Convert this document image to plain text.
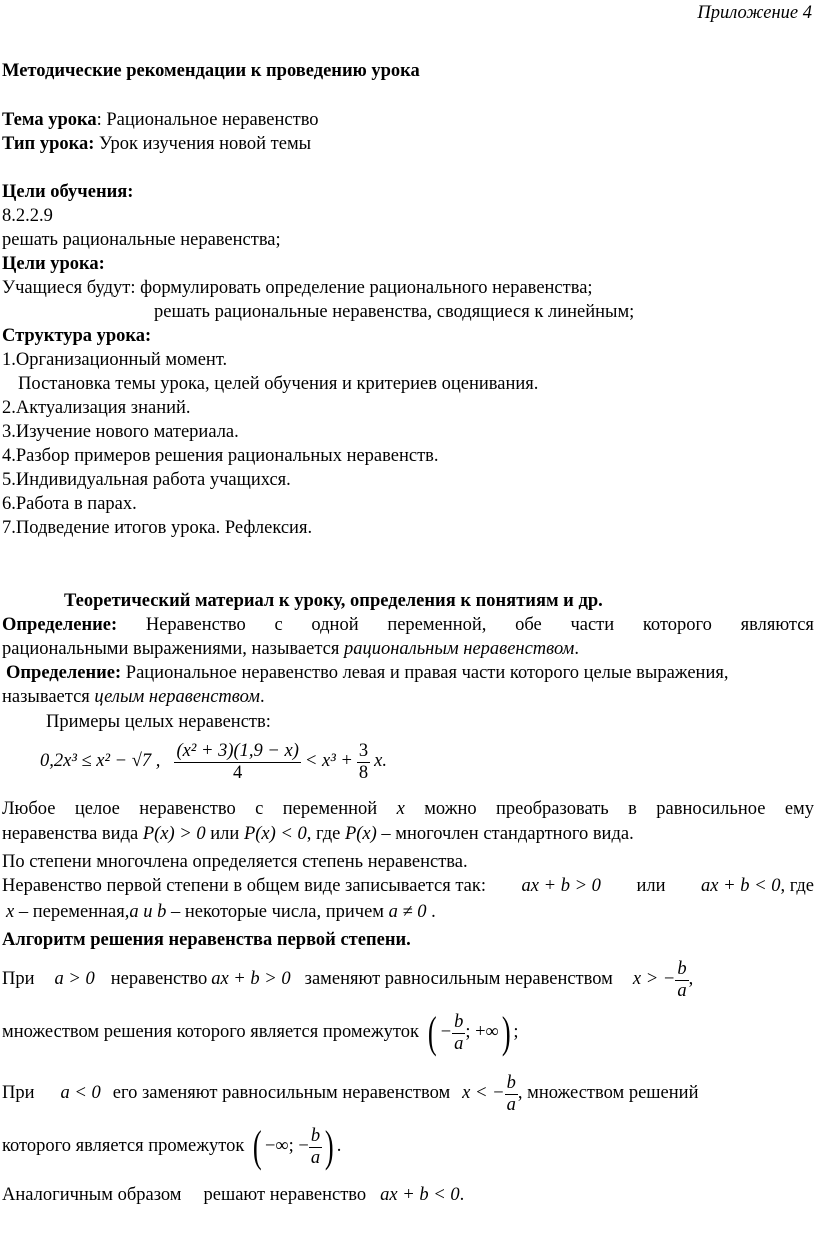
Приложение 4
Методические рекомендации к проведению урока
Тема урока: Рациональное неравенство
Тип урока: Урок изучения новой темы
Цели обучения:
8.2.2.9
решать рациональные неравенства;
Цели урока:
Учащиеся будут: формулировать определение рационального неравенства;
решать рациональные неравенства, сводящиеся к линейным;
Структура урока:
1.Организационный момент.
Постановка темы урока, целей обучения и критериев оценивания.
2.Актуализация знаний.
3.Изучение нового материала.
4.Разбор примеров решения рациональных неравенств.
5.Индивидуальная работа учащихся.
6.Работа в парах.
7.Подведение итогов урока. Рефлексия.
Теоретический материал к уроку, определения к понятиям и др.
Определение: Неравенство с одной переменной, обе части которого являются
рациональными выражениями, называется рациональным неравенством.
Определение: Рациональное неравенство левая и правая части которого целые выражения,
называется целым неравенством.
Примеры целых неравенств:
0,2x³ ≤ x² − √7 , $\frac{\text{(x² + 3)(1,9 − x)}}{4} < x^3 + \frac{3}{8} x$.
Любое целое неравенство с переменной x можно преобразовать в равносильное ему
неравенства вида P(x) > 0 или P(x) < 0, где P(x) – многочлен стандартного вида.
По степени многочлена определяется степень неравенства.
Неравенство первой степени в общем виде записывается так: ax + b > 0 или ax + b < 0, где
x – переменная,a и b – некоторые числа, причем a ≠ 0 .
Алгоритм решения неравенства первой степени.
При a > 0 неравенство ax + b > 0 заменяют равносильным неравенством x > − $\frac{b}{a}$ ,
множеством решения которого является промежуток ( − $\frac{b}{a}$ ; +∞ ) ;
При a < 0 его заменяют равносильным неравенством x < − $\frac{b}{a}$ , множеством решений
которого является промежуток ( −∞; − $\frac{b}{a}$ ) .
Аналогичным образом решают неравенство ax + b < 0 .
